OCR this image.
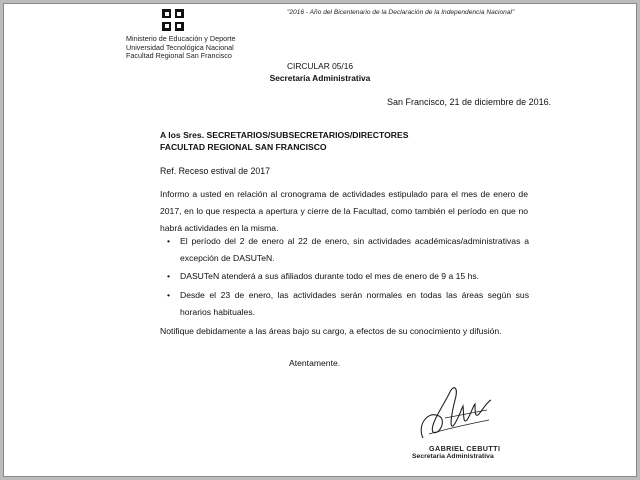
Ministerio de Educación y Deporte
Universidad Tecnológica Nacional
Facultad Regional San Francisco
"2016 - Año del Bicentenario de la Declaración de la Independencia Nacional"
CIRCULAR 05/16
Secretaría Administrativa
San Francisco, 21 de diciembre de 2016.
A los Sres. SECRETARIOS/SUBSECRETARIOS/DIRECTORES
FACULTAD REGIONAL SAN FRANCISCO
Ref. Receso estival de 2017
Informo a usted en relación al cronograma de actividades estipulado para el mes de enero de 2017, en lo que respecta a apertura y cierre de la Facultad, como también el período en que no habrá actividades en la misma.
• El período del 2 de enero al 22 de enero, sin actividades académicas/administrativas a excepción de DASUTeN.
• DASUTeN atenderá a sus afiliados durante todo el mes de enero de 9 a 15 hs.
• Desde el 23 de enero, las actividades serán normales en todas las áreas según sus horarios habituales.
Notifique debidamente a las áreas bajo su cargo, a efectos de su conocimiento y difusión.
Atentamente.
GABRIEL CEBUTTI
Secretaria Administrativa
